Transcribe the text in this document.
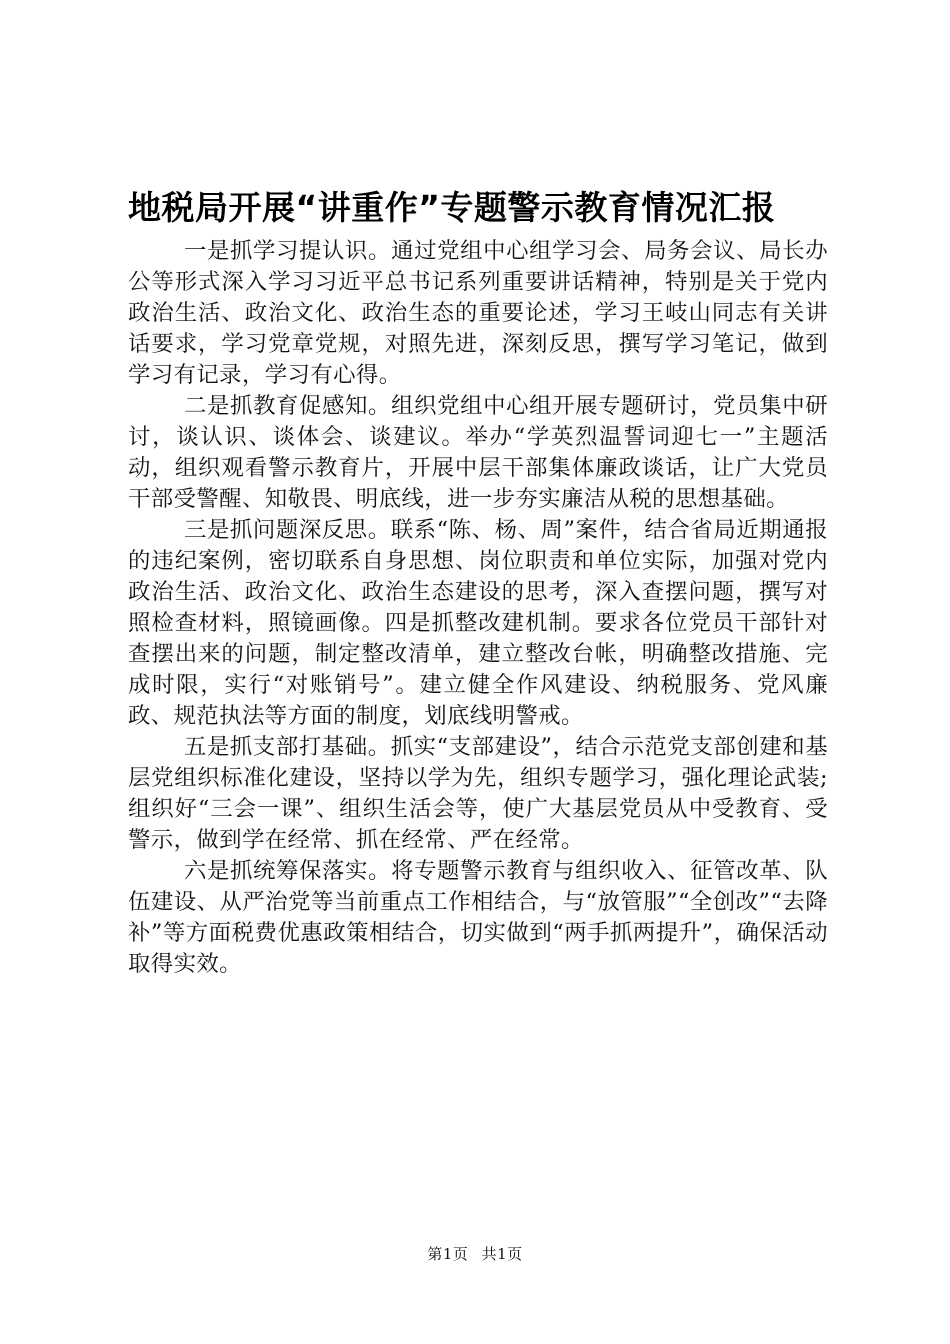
地税局开展“讲重作”专题警示教育情况汇报

一是抓学习提认识。通过党组中心组学习会、局务会议、局长办公等形式深入学习习近平总书记系列重要讲话精神，特别是关于党内政治生活、政治文化、政治生态的重要论述，学习王岐山同志有关讲话要求，学习党章党规，对照先进，深刻反思，撰写学习笔记，做到学习有记录，学习有心得。

二是抓教育促感知。组织党组中心组开展专题研讨，党员集中研讨，谈认识、谈体会、谈建议。举办“学英烈温誓词迎七一”主题活动，组织观看警示教育片，开展中层干部集体廉政谈话，让广大党员干部受警醒、知敬畏、明底线，进一步夯实廉洁从税的思想基础。

三是抓问题深反思。联系“陈、杨、周”案件，结合省局近期通报的违纪案例，密切联系自身思想、岗位职责和单位实际，加强对党内政治生活、政治文化、政治生态建设的思考，深入查摆问题，撰写对照检查材料，照镜画像。四是抓整改建机制。要求各位党员干部针对查摆出来的问题，制定整改清单，建立整改台帐，明确整改措施、完成时限，实行“对账销号”。建立健全作风建设、纳税服务、党风廉政、规范执法等方面的制度，划底线明警戒。

五是抓支部打基础。抓实“支部建设”，结合示范党支部创建和基层党组织标准化建设，坚持以学为先，组织专题学习，强化理论武装;组织好“三会一课”、组织生活会等，使广大基层党员从中受教育、受警示，做到学在经常、抓在经常、严在经常。

六是抓统筹保落实。将专题警示教育与组织收入、征管改革、队伍建设、从严治党等当前重点工作相结合，与“放管服”“全创改”“去降补”等方面税费优惠政策相结合，切实做到“两手抓两提升”，确保活动取得实效。

第1页 共1页
